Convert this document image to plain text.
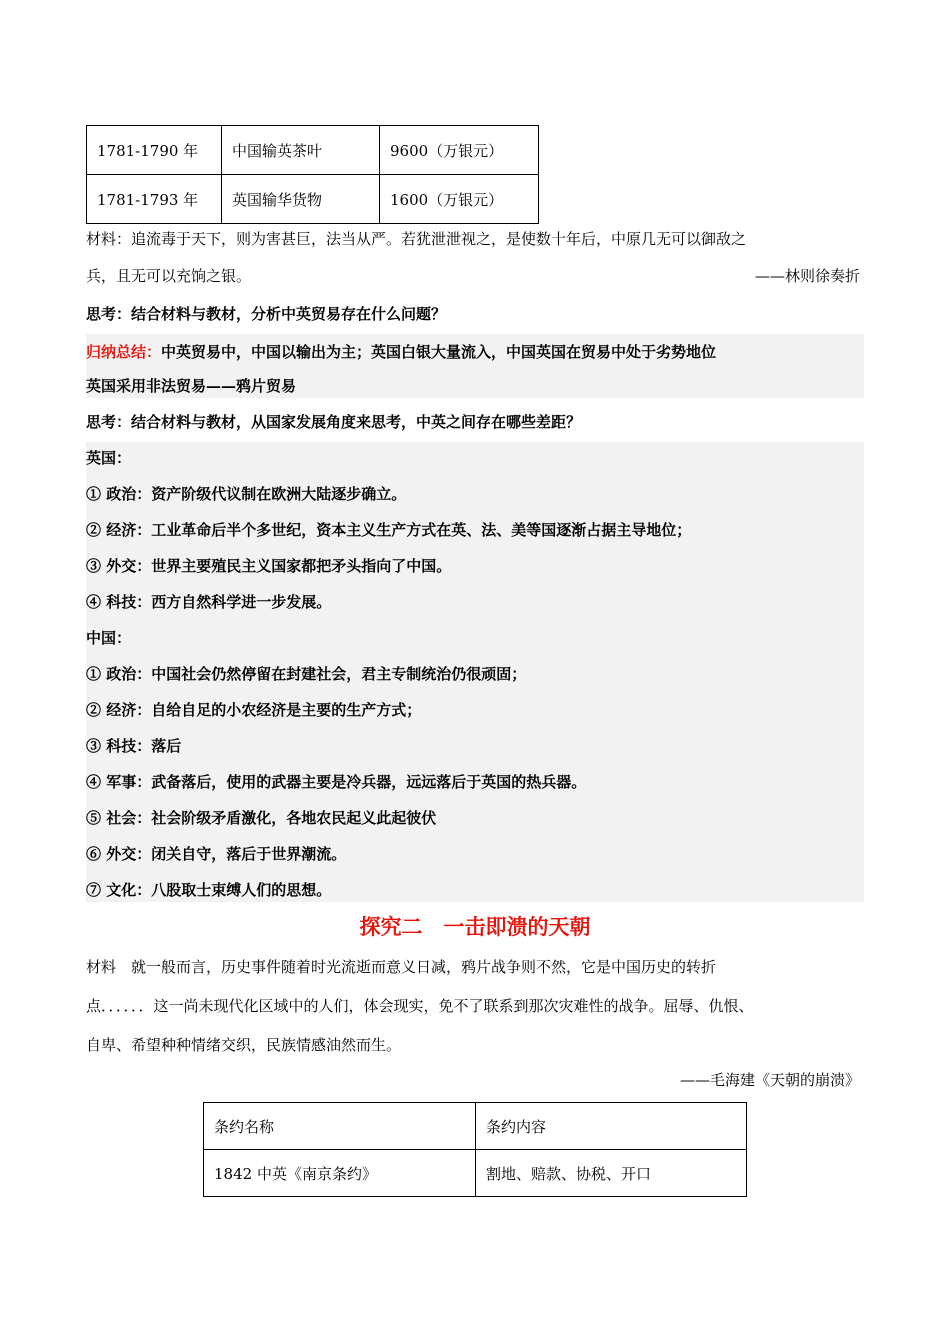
1781-1790 年	中国输英茶叶	9600（万银元）
1781-1793 年	英国输华货物	1600（万银元）
材料：追流毒于天下，则为害甚巨，法当从严。若犹泄泄视之，是使数十年后，中原几无可以御敌之
兵，且无可以充饷之银。	——林则徐奏折
思考：结合材料与教材，分析中英贸易存在什么问题？
归纳总结：中英贸易中，中国以输出为主；英国白银大量流入，中国英国在贸易中处于劣势地位
英国采用非法贸易——鸦片贸易
思考：结合材料与教材，从国家发展角度来思考，中英之间存在哪些差距？
英国：
① 政治：资产阶级代议制在欧洲大陆逐步确立。
② 经济：工业革命后半个多世纪，资本主义生产方式在英、法、美等国逐渐占据主导地位；
③ 外交：世界主要殖民主义国家都把矛头指向了中国。
④ 科技：西方自然科学进一步发展。
中国：
① 政治：中国社会仍然停留在封建社会，君主专制统治仍很顽固；
② 经济：自给自足的小农经济是主要的生产方式；
③ 科技：落后
④ 军事：武备落后，使用的武器主要是冷兵器，远远落后于英国的热兵器。
⑤ 社会：社会阶级矛盾激化，各地农民起义此起彼伏
⑥ 外交：闭关自守，落后于世界潮流。
⑦ 文化：八股取士束缚人们的思想。
探究二　一击即溃的天朝
材料　就一般而言，历史事件随着时光流逝而意义日减，鸦片战争则不然，它是中国历史的转折
点．．．．．．这一尚未现代化区域中的人们，体会现实，免不了联系到那次灾难性的战争。屈辱、仇恨、
自卑、希望种种情绪交织，民族情感油然而生。
——毛海建《天朝的崩溃》
条约名称	条约内容
1842 中英《南京条约》	割地、赔款、协税、开口
